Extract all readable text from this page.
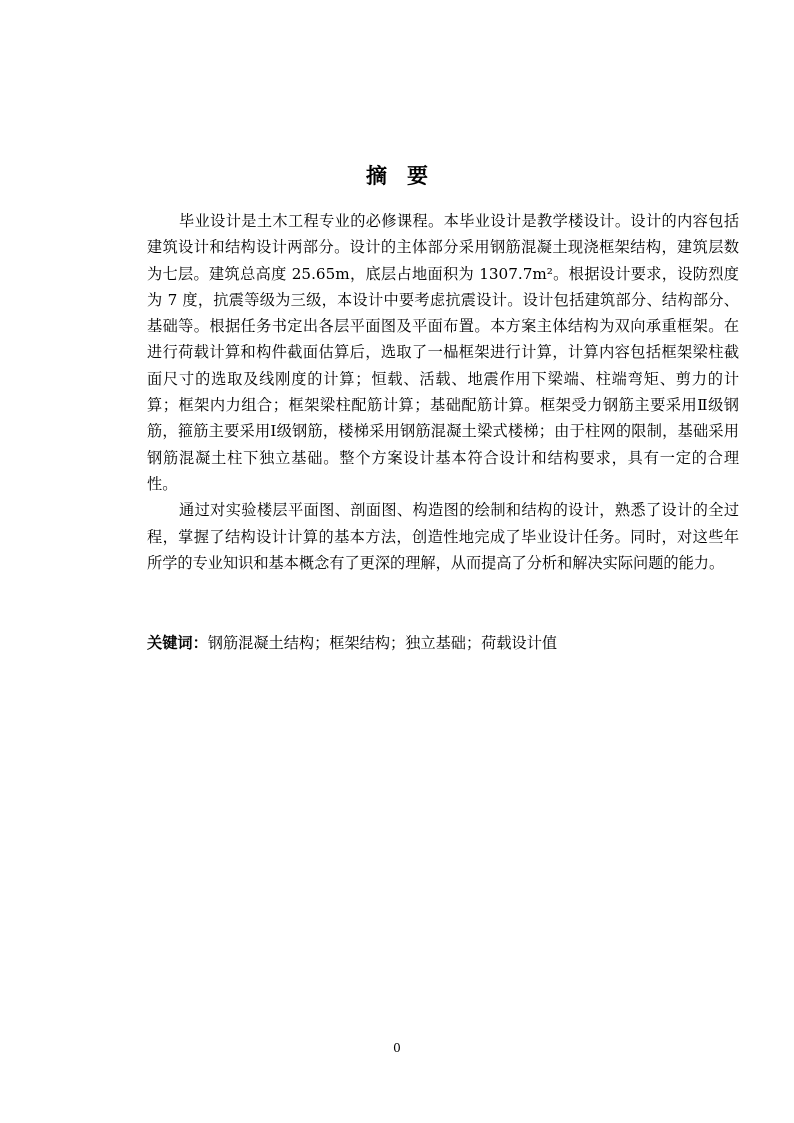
摘要

毕业设计是土木工程专业的必修课程。本毕业设计是教学楼设计。设计的内容包括建筑设计和结构设计两部分。设计的主体部分采用钢筋混凝土现浇框架结构，建筑层数为七层。建筑总高度 25.65m，底层占地面积为 1307.7m²。根据设计要求，设防烈度为 7 度，抗震等级为三级，本设计中要考虑抗震设计。设计包括建筑部分、结构部分、基础等。根据任务书定出各层平面图及平面布置。本方案主体结构为双向承重框架。在进行荷载计算和构件截面估算后，选取了一榀框架进行计算，计算内容包括框架梁柱截面尺寸的选取及线刚度的计算；恒载、活载、地震作用下梁端、柱端弯矩、剪力的计算；框架内力组合；框架梁柱配筋计算；基础配筋计算。框架受力钢筋主要采用Ⅱ级钢筋，箍筋主要采用Ⅰ级钢筋，楼梯采用钢筋混凝土梁式楼梯；由于柱网的限制，基础采用钢筋混凝土柱下独立基础。整个方案设计基本符合设计和结构要求，具有一定的合理性。

通过对实验楼层平面图、剖面图、构造图的绘制和结构的设计，熟悉了设计的全过程，掌握了结构设计计算的基本方法，创造性地完成了毕业设计任务。同时，对这些年所学的专业知识和基本概念有了更深的理解，从而提高了分析和解决实际问题的能力。

关键词：钢筋混凝土结构；框架结构；独立基础；荷载设计值
0
